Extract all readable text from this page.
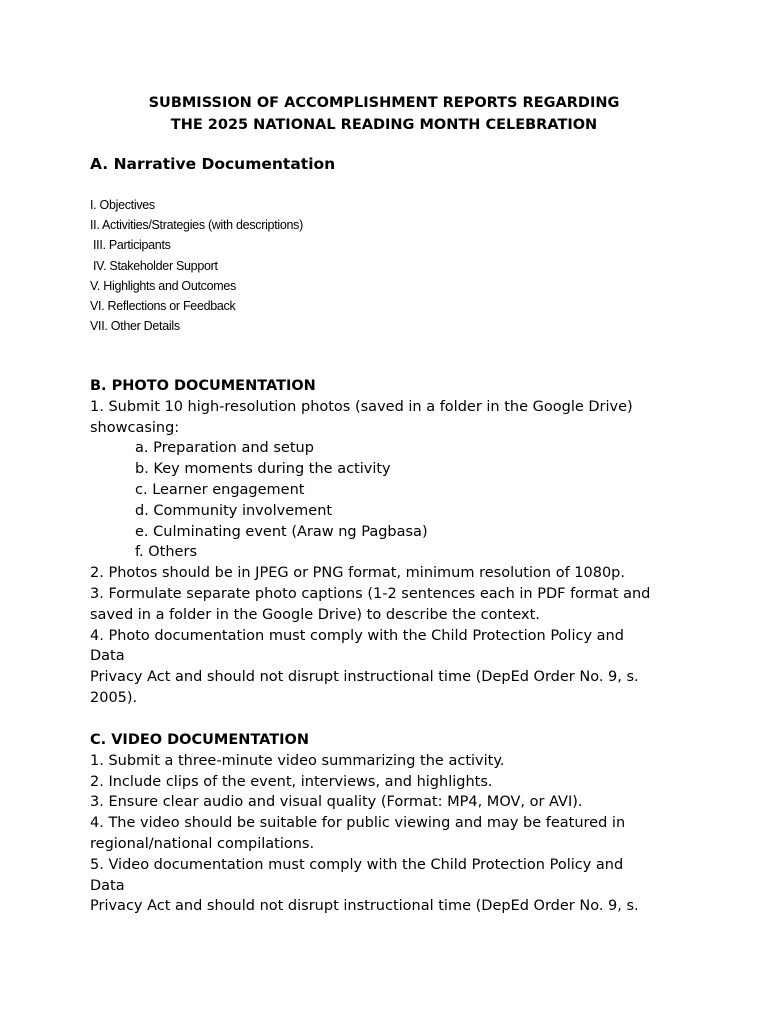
SUBMISSION OF ACCOMPLISHMENT REPORTS REGARDING
THE 2025 NATIONAL READING MONTH CELEBRATION
A. Narrative Documentation
I. Objectives
II. Activities/Strategies (with descriptions)
III. Participants
IV. Stakeholder Support
V. Highlights and Outcomes
VI. Reflections or Feedback
VII. Other Details
B. PHOTO DOCUMENTATION
1. Submit 10 high-resolution photos (saved in a folder in the Google Drive)
showcasing:
a. Preparation and setup
b. Key moments during the activity
c. Learner engagement
d. Community involvement
e. Culminating event (Araw ng Pagbasa)
f. Others
2. Photos should be in JPEG or PNG format, minimum resolution of 1080p.
3. Formulate separate photo captions (1-2 sentences each in PDF format and
saved in a folder in the Google Drive) to describe the context.
4. Photo documentation must comply with the Child Protection Policy and
Data
Privacy Act and should not disrupt instructional time (DepEd Order No. 9, s.
2005).
C. VIDEO DOCUMENTATION
1. Submit a three-minute video summarizing the activity.
2. Include clips of the event, interviews, and highlights.
3. Ensure clear audio and visual quality (Format: MP4, MOV, or AVI).
4. The video should be suitable for public viewing and may be featured in
regional/national compilations.
5. Video documentation must comply with the Child Protection Policy and
Data
Privacy Act and should not disrupt instructional time (DepEd Order No. 9, s.
